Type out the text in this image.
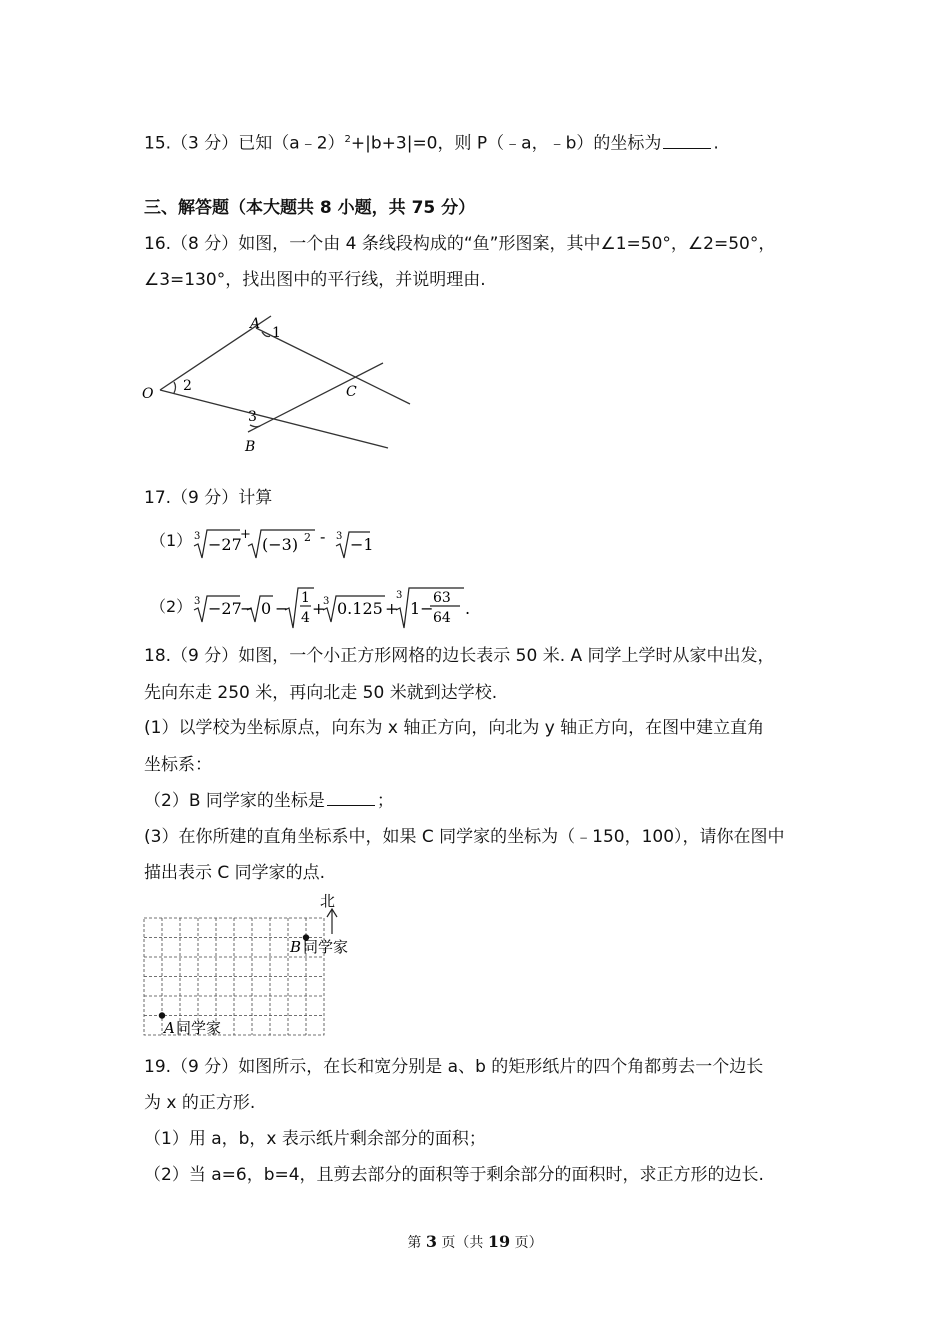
15.（3 分）已知（a﹣2）$^2$+|b+3|=0，则 P（﹣a，﹣b）的坐标为	.
三、解答题（本大题共 8 小题，共 75 分）
16.（8 分）如图，一个由 4 条线段构成的“鱼”形图案，其中∠1=50°，∠2=50°，
∠3=130°，找出图中的平行线，并说明理由.
A
1
O 2	C
3
B
17.（9 分）计算
（1） 3 −27
+
(−3) 2 - 3 −1
（2） 3 −27
− 0 −
1
4 +
3 0.125 +
3
1−
63
64 .
18.（9 分）如图，一个小正方形网格的边长表示 50 米. A 同学上学时从家中出发，
先向东走 250 米，再向北走 50 米就到达学校.
(1）以学校为坐标原点，向东为 x 轴正方向，向北为 y 轴正方向，在图中建立直角
坐标系：
（2）B 同学家的坐标是	；
(3）在你所建的直角坐标系中，如果 C 同学家的坐标为（﹣150，100），请你在图中
描出表示 C 同学家的点.
北
B 同学家
A 同学家
19.（9 分）如图所示，在长和宽分别是 a、b 的矩形纸片的四个角都剪去一个边长
为 x 的正方形.
（1）用 a，b，x 表示纸片剩余部分的面积；
（2）当 a=6，b=4，且剪去部分的面积等于剩余部分的面积时，求正方形的边长.
第 3 页（共 19 页）
